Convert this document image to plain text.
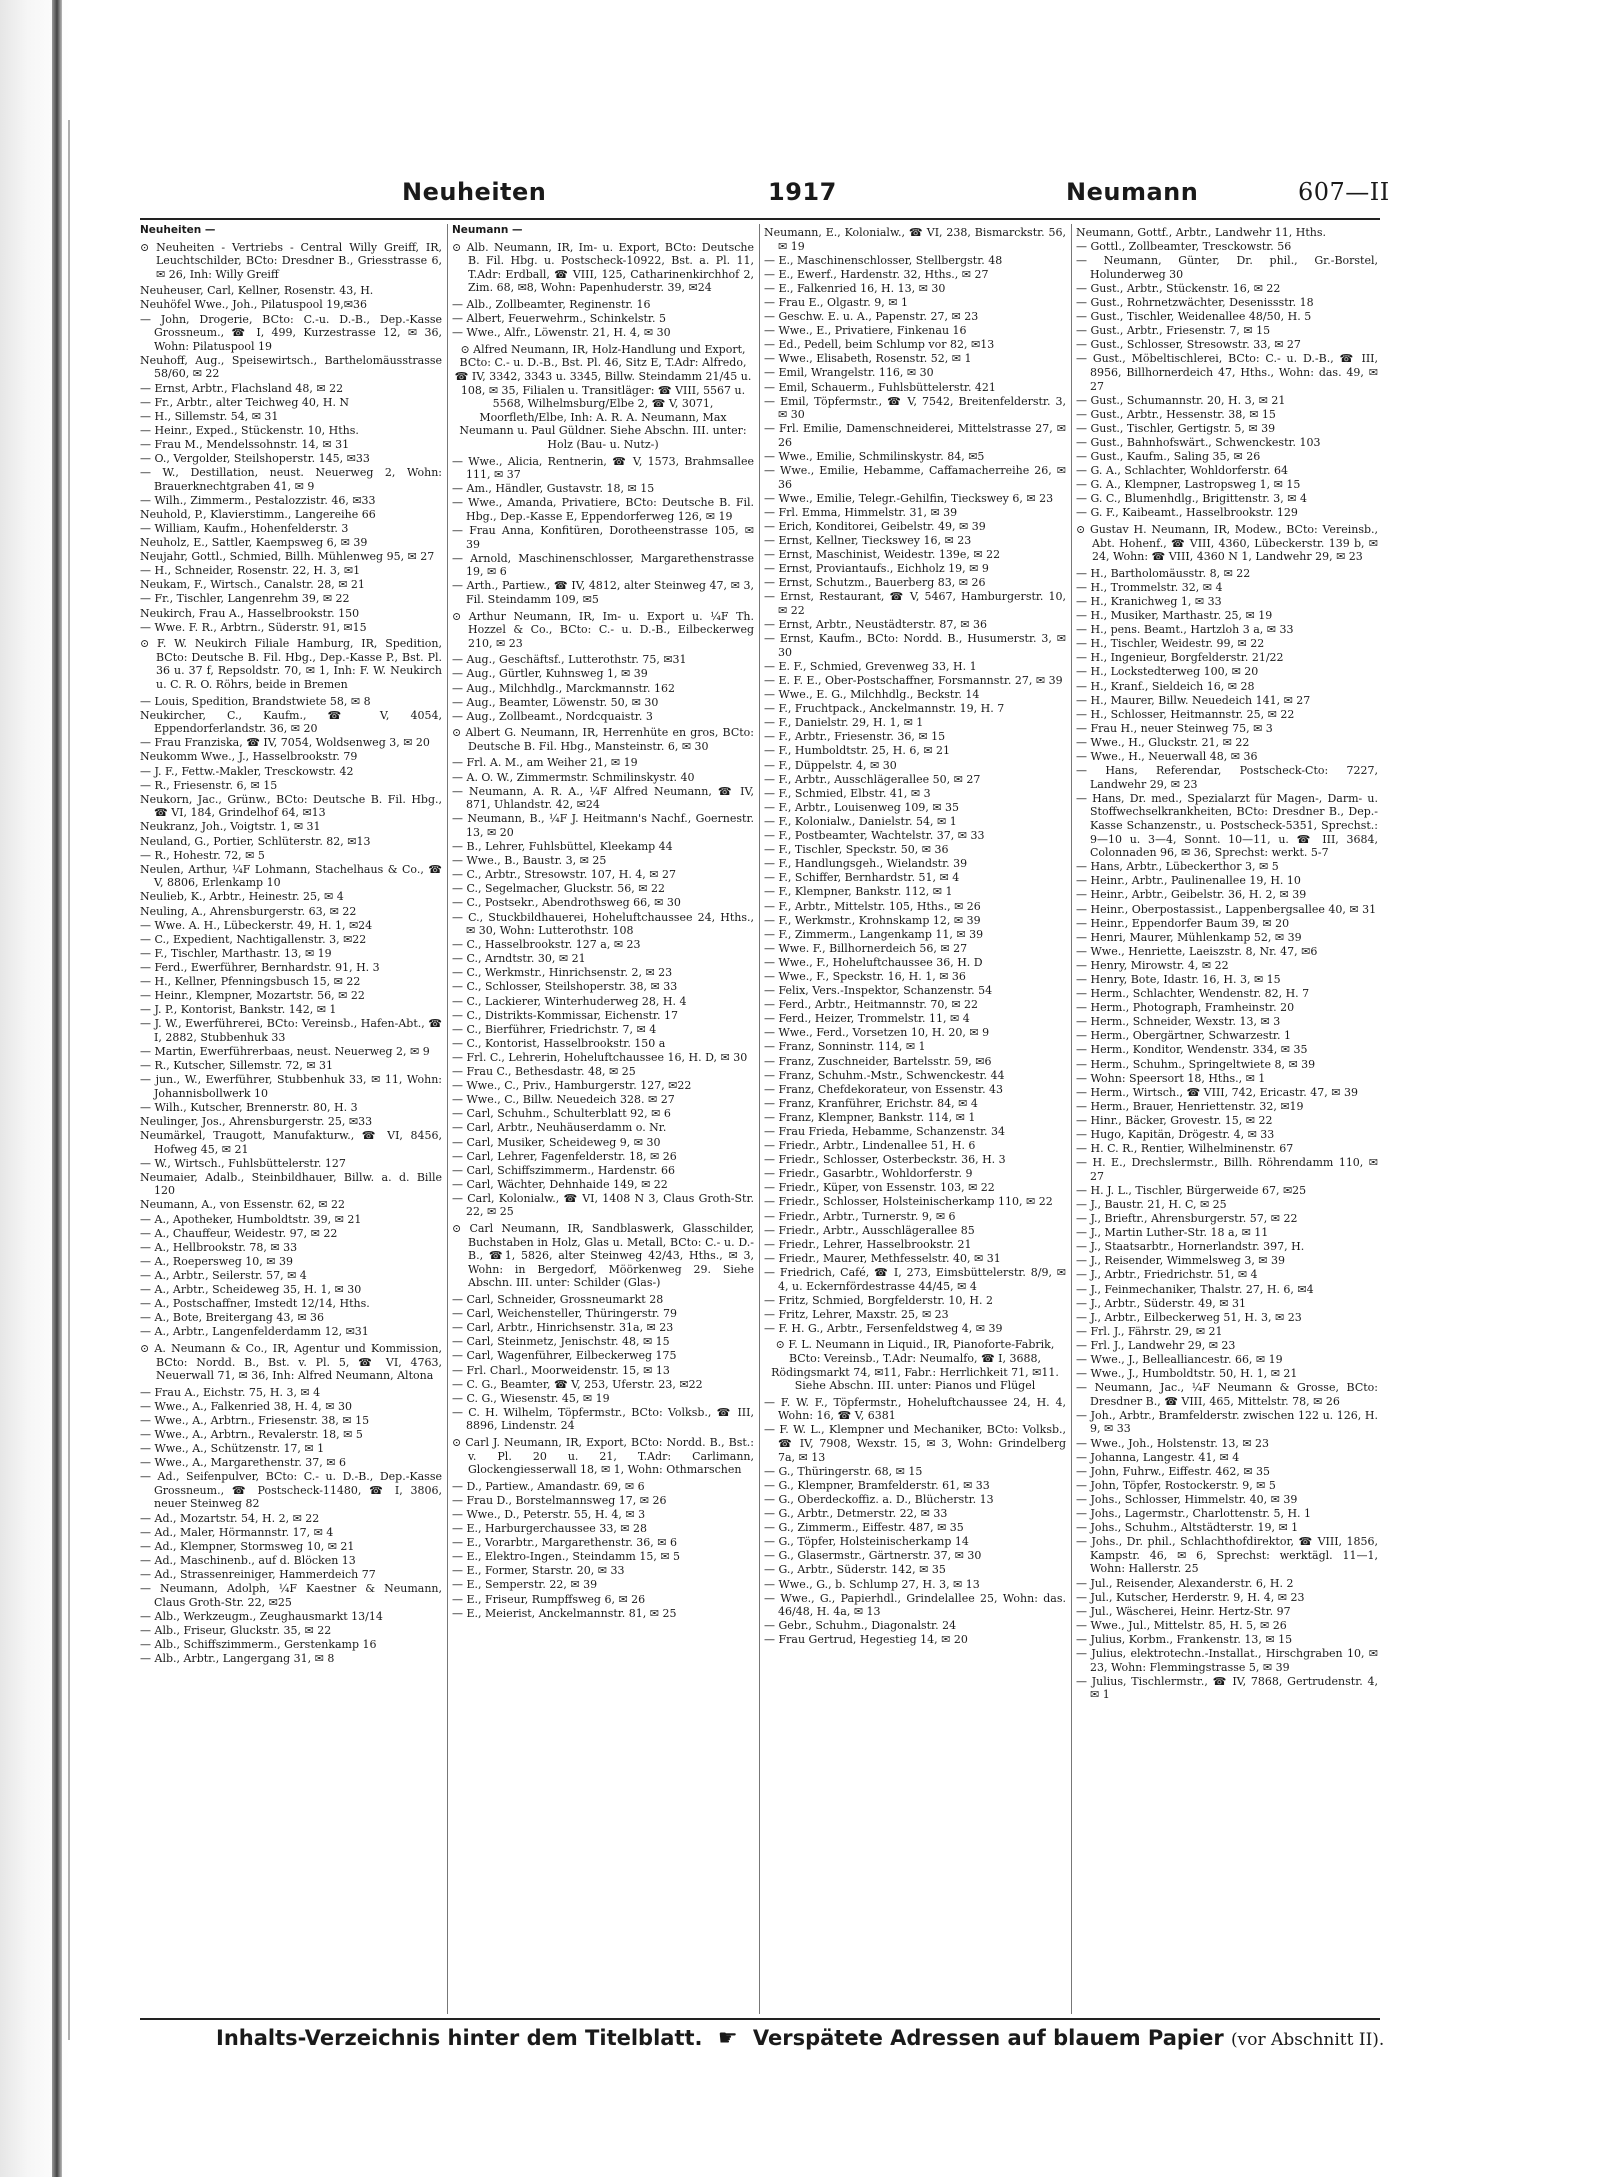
Neuheiten	1917	Neumann	607—II
Neuheiten —
⊙ Neuheiten - Vertriebs - Central Willy Greiff, IR, Leuchtschilder, BCto: Dresdner B., Griesstrasse 6, ✉ 26, Inh: Willy Greiff
Neuheuser, Carl, Kellner, Rosenstr. 43, H.
Neuhöfel Wwe., Joh., Pilatuspool 19,✉36
— John, Drogerie, BCto: C.-u. D.-B., Dep.-Kasse Grossneum., ☎ I, 499, Kurzestrasse 12, ✉ 36, Wohn: Pilatuspool 19
Neuhoff, Aug., Speisewirtsch., Barthelomäusstrasse 58/60, ✉ 22
— Ernst, Arbtr., Flachsland 48, ✉ 22
— Fr., Arbtr., alter Teichweg 40, H. N
— H., Sillemstr. 54, ✉ 31
— Heinr., Exped., Stückenstr. 10, Hths.
— Frau M., Mendelssohnstr. 14, ✉ 31
— O., Vergolder, Steilshoperstr. 145, ✉33
— W., Destillation, neust. Neuerweg 2, Wohn: Brauerknechtgraben 41, ✉ 9
— Wilh., Zimmerm., Pestalozzistr. 46, ✉33
Neuhold, P., Klavierstimm., Langereihe 66
— William, Kaufm., Hohenfelderstr. 3
Neuholz, E., Sattler, Kaempsweg 6, ✉ 39
Neujahr, Gottl., Schmied, Billh. Mühlenweg 95, ✉ 27
— H., Schneider, Rosenstr. 22, H. 3, ✉1
Neukam, F., Wirtsch., Canalstr. 28, ✉ 21
— Fr., Tischler, Langenrehm 39, ✉ 22
Neukirch, Frau A., Hasselbrookstr. 150
— Wwe. F. R., Arbtrn., Süderstr. 91, ✉15
⊙ F. W. Neukirch Filiale Hamburg, IR, Spedition, BCto: Deutsche B. Fil. Hbg., Dep.-Kasse P., Bst. Pl. 36 u. 37 f, Repsoldstr. 70, ✉ 1, Inh: F. W. Neukirch u. C. R. O. Röhrs, beide in Bremen
— Louis, Spedition, Brandstwiete 58, ✉ 8
Neukircher, C., Kaufm., ☎ V, 4054, Eppendorferlandstr. 36, ✉ 20
— Frau Franziska, ☎ IV, 7054, Woldsenweg 3, ✉ 20
Neukomm Wwe., J., Hasselbrookstr. 79
— J. F., Fettw.-Makler, Tresckowstr. 42
— R., Friesenstr. 6, ✉ 15
Neukorn, Jac., Grünw., BCto: Deutsche B. Fil. Hbg., ☎ VI, 184, Grindelhof 64, ✉13
Neukranz, Joh., Voigtstr. 1, ✉ 31
Neuland, G., Portier, Schlüterstr. 82, ✉13
— R., Hohestr. 72, ✉ 5
Neulen, Arthur, ¼F Lohmann, Stachelhaus & Co., ☎ V, 8806, Erlenkamp 10
Neulieb, K., Arbtr., Heinestr. 25, ✉ 4
Neuling, A., Ahrensburgerstr. 63, ✉ 22
— Wwe. A. H., Lübeckerstr. 49, H. 1, ✉24
— C., Expedient, Nachtigallenstr. 3, ✉22
— F., Tischler, Marthastr. 13, ✉ 19
— Ferd., Ewerführer, Bernhardstr. 91, H. 3
— H., Kellner, Pfenningsbusch 15, ✉ 22
— Heinr., Klempner, Mozartstr. 56, ✉ 22
— J. P., Kontorist, Bankstr. 142, ✉ 1
— J. W., Ewerführerei, BCto: Vereinsb., Hafen-Abt., ☎ I, 2882, Stubbenhuk 33
— Martin, Ewerführerbaas, neust. Neuerweg 2, ✉ 9
— R., Kutscher, Sillemstr. 72, ✉ 31
— jun., W., Ewerführer, Stubbenhuk 33, ✉ 11, Wohn: Johannisbollwerk 10
— Wilh., Kutscher, Brennerstr. 80, H. 3
Neulinger, Jos., Ahrensburgerstr. 25, ✉33
Neumärkel, Traugott, Manufakturw., ☎ VI, 8456, Hofweg 45, ✉ 21
— W., Wirtsch., Fuhlsbüttelerstr. 127
Neumaier, Adalb., Steinbildhauer, Billw. a. d. Bille 120
Neumann, A., von Essenstr. 62, ✉ 22
— A., Apotheker, Humboldtstr. 39, ✉ 21
— A., Chauffeur, Weidestr. 97, ✉ 22
— A., Hellbrookstr. 78, ✉ 33
— A., Roepersweg 10, ✉ 39
— A., Arbtr., Seilerstr. 57, ✉ 4
— A., Arbtr., Scheideweg 35, H. 1, ✉ 30
— A., Postschaffner, Imstedt 12/14, Hths.
— A., Bote, Breitergang 43, ✉ 36
— A., Arbtr., Langenfelderdamm 12, ✉31
⊙ A. Neumann & Co., IR, Agentur und Kommission, BCto: Nordd. B., Bst. v. Pl. 5, ☎ VI, 4763, Neuerwall 71, ✉ 36, Inh: Alfred Neumann, Altona
— Frau A., Eichstr. 75, H. 3, ✉ 4
— Wwe., A., Falkenried 38, H. 4, ✉ 30
— Wwe., A., Arbtrn., Friesenstr. 38, ✉ 15
— Wwe., A., Arbtrn., Revalerstr. 18, ✉ 5
— Wwe., A., Schützenstr. 17, ✉ 1
— Wwe., A., Margarethenstr. 37, ✉ 6
— Ad., Seifenpulver, BCto: C.- u. D.-B., Dep.-Kasse Grossneum., ☎ Postscheck-11480, ☎ I, 3806, neuer Steinweg 82
— Ad., Mozartstr. 54, H. 2, ✉ 22
— Ad., Maler, Hörmannstr. 17, ✉ 4
— Ad., Klempner, Stormsweg 10, ✉ 21
— Ad., Maschinenb., auf d. Blöcken 13
— Ad., Strassenreiniger, Hammerdeich 77
— Neumann, Adolph, ¼F Kaestner & Neumann, Claus Groth-Str. 22, ✉25
— Alb., Werkzeugm., Zeughausmarkt 13/14
— Alb., Friseur, Gluckstr. 35, ✉ 22
— Alb., Schiffszimmerm., Gerstenkamp 16
— Alb., Arbtr., Langergang 31, ✉ 8
Neumann —
⊙ Alb. Neumann, IR, Im- u. Export, BCto: Deutsche B. Fil. Hbg. u. Postscheck-10922, Bst. a. Pl. 11, T.Adr: Erdball, ☎ VIII, 125, Catharinenkirchhof 2, Zim. 68, ✉8, Wohn: Papenhuderstr. 39, ✉24
— Alb., Zollbeamter, Reginenstr. 16
— Albert, Feuerwehrm., Schinkelstr. 5
— Wwe., Alfr., Löwenstr. 21, H. 4, ✉ 30
⊙ Alfred Neumann, IR, Holz-Handlung und Export, BCto: C.- u. D.-B., Bst. Pl. 46, Sitz E, T.Adr: Alfredo, ☎ IV, 3342, 3343 u. 3345, Billw. Steindamm 21/45 u. 108, ✉ 35, Filialen u. Transitläger: ☎ VIII, 5567 u. 5568, Wilhelmsburg/Elbe 2, ☎ V, 3071, Moorfleth/Elbe, Inh: A. R. A. Neumann, Max Neumann u. Paul Güldner. Siehe Abschn. III. unter: Holz (Bau- u. Nutz-)
— Wwe., Alicia, Rentnerin, ☎ V, 1573, Brahmsallee 111, ✉ 37
— Am., Händler, Gustavstr. 18, ✉ 15
— Wwe., Amanda, Privatiere, BCto: Deutsche B. Fil. Hbg., Dep.-Kasse E, Eppendorferweg 126, ✉ 19
— Frau Anna, Konfitüren, Dorotheenstrasse 105, ✉ 39
— Arnold, Maschinenschlosser, Margarethenstrasse 19, ✉ 6
— Arth., Partiew., ☎ IV, 4812, alter Steinweg 47, ✉ 3, Fil. Steindamm 109, ✉5
⊙ Arthur Neumann, IR, Im- u. Export u. ¼F Th. Hozzel & Co., BCto: C.- u. D.-B., Eilbeckerweg 210, ✉ 23
— Aug., Geschäftsf., Lutterothstr. 75, ✉31
— Aug., Gürtler, Kuhnsweg 1, ✉ 39
— Aug., Milchhdlg., Marckmannstr. 162
— Aug., Beamter, Löwenstr. 50, ✉ 30
— Aug., Zollbeamt., Nordcquaistr. 3
⊙ Albert G. Neumann, IR, Herrenhüte en gros, BCto: Deutsche B. Fil. Hbg., Mansteinstr. 6, ✉ 30
— Frl. A. M., am Weiher 21, ✉ 19
— A. O. W., Zimmermstr. Schmilinskystr. 40
— Neumann, A. R. A., ¼F Alfred Neumann, ☎ IV, 871, Uhlandstr. 42, ✉24
— Neumann, B., ¼F J. Heitmann's Nachf., Goernestr. 13, ✉ 20
— B., Lehrer, Fuhlsbüttel, Kleekamp 44
— Wwe., B., Baustr. 3, ✉ 25
— C., Arbtr., Stresowstr. 107, H. 4, ✉ 27
— C., Segelmacher, Gluckstr. 56, ✉ 22
— C., Postsekr., Abendrothsweg 66, ✉ 30
— C., Stuckbildhauerei, Hoheluftchaussee 24, Hths., ✉ 30, Wohn: Lutterothstr. 108
— C., Hasselbrookstr. 127 a, ✉ 23
— C., Arndtstr. 30, ✉ 21
— C., Werkmstr., Hinrichsenstr. 2, ✉ 23
— C., Schlosser, Steilshoperstr. 38, ✉ 33
— C., Lackierer, Winterhuderweg 28, H. 4
— C., Distrikts-Kommissar, Eichenstr. 17
— C., Bierführer, Friedrichstr. 7, ✉ 4
— C., Kontorist, Hasselbrookstr. 150 a
— Frl. C., Lehrerin, Hoheluftchaussee 16, H. D, ✉ 30
— Frau C., Bethesdastr. 48, ✉ 25
— Wwe., C., Priv., Hamburgerstr. 127, ✉22
— Wwe., C., Billw. Neuedeich 328. ✉ 27
— Carl, Schuhm., Schulterblatt 92, ✉ 6
— Carl, Arbtr., Neuhäuserdamm o. Nr.
— Carl, Musiker, Scheideweg 9, ✉ 30
— Carl, Lehrer, Fagenfelderstr. 18, ✉ 26
— Carl, Schiffszimmerm., Hardenstr. 66
— Carl, Wächter, Dehnhaide 149, ✉ 22
— Carl, Kolonialw., ☎ VI, 1408 N 3, Claus Groth-Str. 22, ✉ 25
⊙ Carl Neumann, IR, Sandblaswerk, Glasschilder, Buchstaben in Holz, Glas u. Metall, BCto: C.- u. D.-B., ☎1, 5826, alter Steinweg 42/43, Hths., ✉ 3, Wohn: in Bergedorf, Möörkenweg 29. Siehe Abschn. III. unter: Schilder (Glas-)
— Carl, Schneider, Grossneumarkt 28
— Carl, Weichensteller, Thüringerstr. 79
— Carl, Arbtr., Hinrichsenstr. 31a, ✉ 23
— Carl, Steinmetz, Jenischstr. 48, ✉ 15
— Carl, Wagenführer, Eilbeckerweg 175
— Frl. Charl., Moorweidenstr. 15, ✉ 13
— C. G., Beamter, ☎ V, 253, Uferstr. 23, ✉22
— C. G., Wiesenstr. 45, ✉ 19
— C. H. Wilhelm, Töpfermstr., BCto: Volksb., ☎ III, 8896, Lindenstr. 24
⊙ Carl J. Neumann, IR, Export, BCto: Nordd. B., Bst.: v. Pl. 20 u. 21, T.Adr: Carlimann, Glockengiesserwall 18, ✉ 1, Wohn: Othmarschen
— D., Partiew., Amandastr. 69, ✉ 6
— Frau D., Borstelmannsweg 17, ✉ 26
— Wwe., D., Peterstr. 55, H. 4, ✉ 3
— E., Harburgerchaussee 33, ✉ 28
— E., Vorarbtr., Margarethenstr. 36, ✉ 6
— E., Elektro-Ingen., Steindamm 15, ✉ 5
— E., Former, Starstr. 20, ✉ 33
— E., Semperstr. 22, ✉ 39
— E., Friseur, Rumpffsweg 6, ✉ 26
— E., Meierist, Anckelmannstr. 81, ✉ 25
Neumann, E., Kolonialw., ☎ VI, 238, Bismarckstr. 56, ✉ 19
— E., Maschinenschlosser, Stellbergstr. 48
— E., Ewerf., Hardenstr. 32, Hths., ✉ 27
— E., Falkenried 16, H. 13, ✉ 30
— Frau E., Olgastr. 9, ✉ 1
— Geschw. E. u. A., Papenstr. 27, ✉ 23
— Wwe., E., Privatiere, Finkenau 16
— Ed., Pedell, beim Schlump vor 82, ✉13
— Wwe., Elisabeth, Rosenstr. 52, ✉ 1
— Emil, Wrangelstr. 116, ✉ 30
— Emil, Schauerm., Fuhlsbüttelerstr. 421
— Emil, Töpfermstr., ☎ V, 7542, Breitenfelderstr. 3, ✉ 30
— Frl. Emilie, Damenschneiderei, Mittelstrasse 27, ✉ 26
— Wwe., Emilie, Schmilinskystr. 84, ✉5
— Wwe., Emilie, Hebamme, Caffamacherreihe 26, ✉ 36
— Wwe., Emilie, Telegr.-Gehilfin, Tieckswey 6, ✉ 23
— Frl. Emma, Himmelstr. 31, ✉ 39
— Erich, Konditorei, Geibelstr. 49, ✉ 39
— Ernst, Kellner, Tieckswey 16, ✉ 23
— Ernst, Maschinist, Weidestr. 139e, ✉ 22
— Ernst, Proviantaufs., Eichholz 19, ✉ 9
— Ernst, Schutzm., Bauerberg 83, ✉ 26
— Ernst, Restaurant, ☎ V, 5467, Hamburgerstr. 10, ✉ 22
— Ernst, Arbtr., Neustädterstr. 87, ✉ 36
— Ernst, Kaufm., BCto: Nordd. B., Husumerstr. 3, ✉ 30
— E. F., Schmied, Grevenweg 33, H. 1
— E. F. E., Ober-Postschaffner, Forsmannstr. 27, ✉ 39
— Wwe., E. G., Milchhdlg., Beckstr. 14
— F., Fruchtpack., Anckelmannstr. 19, H. 7
— F., Danielstr. 29, H. 1, ✉ 1
— F., Arbtr., Friesenstr. 36, ✉ 15
— F., Humboldtstr. 25, H. 6, ✉ 21
— F., Düppelstr. 4, ✉ 30
— F., Arbtr., Ausschlägerallee 50, ✉ 27
— F., Schmied, Elbstr. 41, ✉ 3
— F., Arbtr., Louisenweg 109, ✉ 35
— F., Kolonialw., Danielstr. 54, ✉ 1
— F., Postbeamter, Wachtelstr. 37, ✉ 33
— F., Tischler, Speckstr. 50, ✉ 36
— F., Handlungsgeh., Wielandstr. 39
— F., Schiffer, Bernhardstr. 51, ✉ 4
— F., Klempner, Bankstr. 112, ✉ 1
— F., Arbtr., Mittelstr. 105, Hths., ✉ 26
— F., Werkmstr., Krohnskamp 12, ✉ 39
— F., Zimmerm., Langenkamp 11, ✉ 39
— Wwe. F., Billhornerdeich 56, ✉ 27
— Wwe., F., Hoheluftchaussee 36, H. D
— Wwe., F., Speckstr. 16, H. 1, ✉ 36
— Felix, Vers.-Inspektor, Schanzenstr. 54
— Ferd., Arbtr., Heitmannstr. 70, ✉ 22
— Ferd., Heizer, Trommelstr. 11, ✉ 4
— Wwe., Ferd., Vorsetzen 10, H. 20, ✉ 9
— Franz, Sonninstr. 114, ✉ 1
— Franz, Zuschneider, Bartelsstr. 59, ✉6
— Franz, Schuhm.-Mstr., Schwenckestr. 44
— Franz, Chefdekorateur, von Essenstr. 43
— Franz, Kranführer, Erichstr. 84, ✉ 4
— Franz, Klempner, Bankstr. 114, ✉ 1
— Frau Frieda, Hebamme, Schanzenstr. 34
— Friedr., Arbtr., Lindenallee 51, H. 6
— Friedr., Schlosser, Osterbeckstr. 36, H. 3
— Friedr., Gasarbtr., Wohldorferstr. 9
— Friedr., Küper, von Essenstr. 103, ✉ 22
— Friedr., Schlosser, Holsteinischerkamp 110, ✉ 22
— Friedr., Arbtr., Turnerstr. 9, ✉ 6
— Friedr., Arbtr., Ausschlägerallee 85
— Friedr., Lehrer, Hasselbrookstr. 21
— Friedr., Maurer, Methfesselstr. 40, ✉ 31
— Friedrich, Café, ☎ I, 273, Eimsbüttelerstr. 8/9, ✉ 4, u. Eckernfördestrasse 44/45, ✉ 4
— Fritz, Schmied, Borgfelderstr. 10, H. 2
— Fritz, Lehrer, Maxstr. 25, ✉ 23
— F. H. G., Arbtr., Fersenfeldstweg 4, ✉ 39
⊙ F. L. Neumann in Liquid., IR, Pianoforte-Fabrik, BCto: Vereinsb., T.Adr: Neumalfo, ☎ I, 3688, Rödingsmarkt 74, ✉11, Fabr.: Herrlichkeit 71, ✉11. Siehe Abschn. III. unter: Pianos und Flügel
— F. W. F., Töpfermstr., Hoheluftchaussee 24, H. 4, Wohn: 16, ☎ V, 6381
— F. W. L., Klempner und Mechaniker, BCto: Volksb., ☎ IV, 7908, Wexstr. 15, ✉ 3, Wohn: Grindelberg 7a, ✉ 13
— G., Thüringerstr. 68, ✉ 15
— G., Klempner, Bramfelderstr. 61, ✉ 33
— G., Oberdeckoffiz. a. D., Blücherstr. 13
— G., Arbtr., Detmerstr. 22, ✉ 33
— G., Zimmerm., Eiffestr. 487, ✉ 35
— G., Töpfer, Holsteinischerkamp 14
— G., Glasermstr., Gärtnerstr. 37, ✉ 30
— G., Arbtr., Süderstr. 142, ✉ 35
— Wwe., G., b. Schlump 27, H. 3, ✉ 13
— Wwe., G., Papierhdl., Grindelallee 25, Wohn: das. 46/48, H. 4a, ✉ 13
— Gebr., Schuhm., Diagonalstr. 24
— Frau Gertrud, Hegestieg 14, ✉ 20
Neumann, Gottf., Arbtr., Landwehr 11, Hths.
— Gottl., Zollbeamter, Tresckowstr. 56
— Neumann, Günter, Dr. phil., Gr.-Borstel, Holunderweg 30
— Gust., Arbtr., Stückenstr. 16, ✉ 22
— Gust., Rohrnetzwächter, Desenissstr. 18
— Gust., Tischler, Weidenallee 48/50, H. 5
— Gust., Arbtr., Friesenstr. 7, ✉ 15
— Gust., Schlosser, Stresowstr. 33, ✉ 27
— Gust., Möbeltischlerei, BCto: C.- u. D.-B., ☎ III, 8956, Billhornerdeich 47, Hths., Wohn: das. 49, ✉ 27
— Gust., Schumannstr. 20, H. 3, ✉ 21
— Gust., Arbtr., Hessenstr. 38, ✉ 15
— Gust., Tischler, Gertigstr. 5, ✉ 39
— Gust., Bahnhofswärt., Schwenckestr. 103
— Gust., Kaufm., Saling 35, ✉ 26
— G. A., Schlachter, Wohldorferstr. 64
— G. A., Klempner, Lastropsweg 1, ✉ 15
— G. C., Blumenhdlg., Brigittenstr. 3, ✉ 4
— G. F., Kaibeamt., Hasselbrookstr. 129
⊙ Gustav H. Neumann, IR, Modew., BCto: Vereinsb., Abt. Hohenf., ☎ VIII, 4360, Lübeckerstr. 139 b, ✉ 24, Wohn: ☎ VIII, 4360 N 1, Landwehr 29, ✉ 23
— H., Bartholomäusstr. 8, ✉ 22
— H., Trommelstr. 32, ✉ 4
— H., Kranichweg 1, ✉ 33
— H., Musiker, Marthastr. 25, ✉ 19
— H., pens. Beamt., Hartzloh 3 a, ✉ 33
— H., Tischler, Weidestr. 99, ✉ 22
— H., Ingenieur, Borgfelderstr. 21/22
— H., Lockstedterweg 100, ✉ 20
— H., Kranf., Sieldeich 16, ✉ 28
— H., Maurer, Billw. Neuedeich 141, ✉ 27
— H., Schlosser, Heitmannstr. 25, ✉ 22
— Frau H., neuer Steinweg 75, ✉ 3
— Wwe., H., Gluckstr. 21, ✉ 22
— Wwe., H., Neuerwall 48, ✉ 36
— Hans, Referendar, Postscheck-Cto: 7227, Landwehr 29, ✉ 23
— Hans, Dr. med., Spezialarzt für Magen-, Darm- u. Stoffwechselkrankheiten, BCto: Dresdner B., Dep.-Kasse Schanzenstr., u. Postscheck-5351, Sprechst.: 9—10 u. 3—4, Sonnt. 10—11, u. ☎ III, 3684, Colonnaden 96, ✉ 36, Sprechst: werkt. 5-7
— Hans, Arbtr., Lübeckerthor 3, ✉ 5
— Heinr., Arbtr., Paulinenallee 19, H. 10
— Heinr., Arbtr., Geibelstr. 36, H. 2, ✉ 39
— Heinr., Oberpostassist., Lappenbergsallee 40, ✉ 31
— Heinr., Eppendorfer Baum 39, ✉ 20
— Henri, Maurer, Mühlenkamp 52, ✉ 39
— Wwe., Henriette, Laeiszstr. 8, Nr. 47, ✉6
— Henry, Mirowstr. 4, ✉ 22
— Henry, Bote, Idastr. 16, H. 3, ✉ 15
— Herm., Schlachter, Wendenstr. 82, H. 7
— Herm., Photograph, Framheinstr. 20
— Herm., Schneider, Wexstr. 13, ✉ 3
— Herm., Obergärtner, Schwarzestr. 1
— Herm., Konditor, Wendenstr. 334, ✉ 35
— Herm., Schuhm., Springeltwiete 8, ✉ 39
— Wohn: Speersort 18, Hths., ✉ 1
— Herm., Wirtsch., ☎ VIII, 742, Ericastr. 47, ✉ 39
— Herm., Brauer, Henriettenstr. 32, ✉19
— Hinr., Bäcker, Grovestr. 15, ✉ 22
— Hugo, Kapitän, Drögestr. 4, ✉ 33
— H. C. R., Rentier, Wilhelminenstr. 67
— H. E., Drechslermstr., Billh. Röhrendamm 110, ✉ 27
— H. J. L., Tischler, Bürgerweide 67, ✉25
— J., Baustr. 21, H. C, ✉ 25
— J., Brieftr., Ahrensburgerstr. 57, ✉ 22
— J., Martin Luther-Str. 18 a, ✉ 11
— J., Staatsarbtr., Hornerlandstr. 397, H.
— J., Reisender, Wimmelsweg 3, ✉ 39
— J., Arbtr., Friedrichstr. 51, ✉ 4
— J., Feinmechaniker, Thalstr. 27, H. 6, ✉4
— J., Arbtr., Süderstr. 49, ✉ 31
— J., Arbtr., Eilbeckerweg 51, H. 3, ✉ 23
— Frl. J., Fährstr. 29, ✉ 21
— Frl. J., Landwehr 29, ✉ 23
— Wwe., J., Bellealliancestr. 66, ✉ 19
— Wwe., J., Humboldtstr. 50, H. 1, ✉ 21
— Neumann, Jac., ¼F Neumann & Grosse, BCto: Dresdner B., ☎ VIII, 465, Mittelstr. 78, ✉ 26
— Joh., Arbtr., Bramfelderstr. zwischen 122 u. 126, H. 9, ✉ 33
— Wwe., Joh., Holstenstr. 13, ✉ 23
— Johanna, Langestr. 41, ✉ 4
— John, Fuhrw., Eiffestr. 462, ✉ 35
— John, Töpfer, Rostockerstr. 9, ✉ 5
— Johs., Schlosser, Himmelstr. 40, ✉ 39
— Johs., Lagermstr., Charlottenstr. 5, H. 1
— Johs., Schuhm., Altstädterstr. 19, ✉ 1
— Johs., Dr. phil., Schlachthofdirektor, ☎ VIII, 1856, Kampstr. 46, ✉ 6, Sprechst: werktägl. 11—1, Wohn: Hallerstr. 25
— Jul., Reisender, Alexanderstr. 6, H. 2
— Jul., Kutscher, Herderstr. 9, H. 4, ✉ 23
— Jul., Wäscherei, Heinr. Hertz-Str. 97
— Wwe., Jul., Mittelstr. 85, H. 5, ✉ 26
— Julius, Korbm., Frankenstr. 13, ✉ 15
— Julius, elektrotechn.-Installat., Hirschgraben 10, ✉ 23, Wohn: Flemmingstrasse 5, ✉ 39
— Julius, Tischlermstr., ☎ IV, 7868, Gertrudenstr. 4, ✉ 1
Inhalts-Verzeichnis hinter dem Titelblatt. ☛ Verspätete Adressen auf blauem Papier (vor Abschnitt II).
